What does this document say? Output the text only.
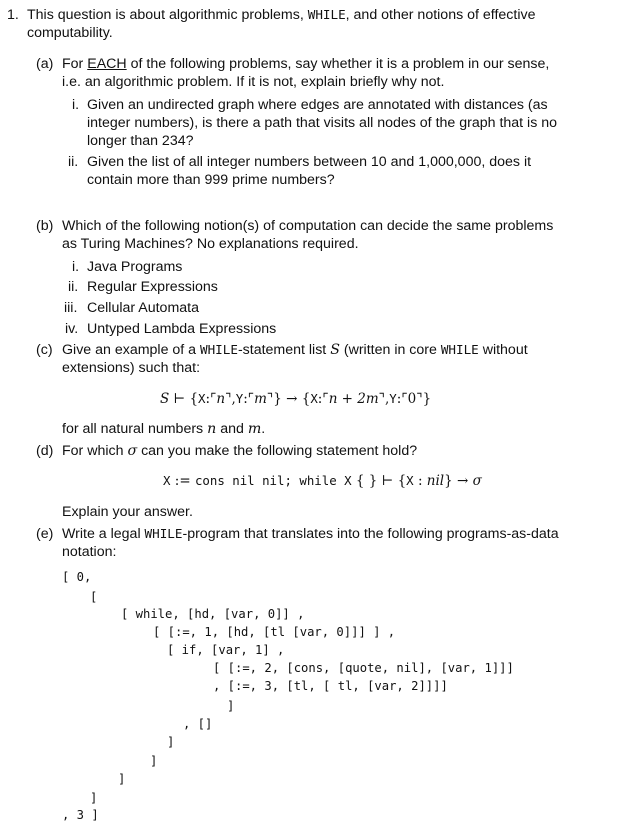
1. This question is about algorithmic problems, WHILE, and other notions of effective
computability.
(a) For EACH of the following problems, say whether it is a problem in our sense,
i.e. an algorithmic problem. If it is not, explain briefly why not.
i. Given an undirected graph where edges are annotated with distances (as
integer numbers), is there a path that visits all nodes of the graph that is no
longer than 234?
ii. Given the list of all integer numbers between 10 and 1,000,000, does it
contain more than 999 prime numbers?
(b) Which of the following notion(s) of computation can decide the same problems
as Turing Machines? No explanations required.
i. Java Programs
ii. Regular Expressions
iii. Cellular Automata
iv. Untyped Lambda Expressions
(c) Give an example of a WHILE-statement list S (written in core WHILE without
extensions) such that:
S ⊢ {X:⌜n⌝,Y:⌜m⌝} → {X:⌜n + 2m⌝,Y:⌜0⌝}
for all natural numbers n and m.
(d) For which σ can you make the following statement hold?
X := cons nil nil; while X { } ⊢ {X : nil} → σ
Explain your answer.
(e) Write a legal WHILE-program that translates into the following programs-as-data
notation:
[ 0,
[
[ while, [hd, [var, 0]] ,
[ [:=, 1, [hd, [tl [var, 0]]] ] ,
[ if, [var, 1] ,
[ [:=, 2, [cons, [quote, nil], [var, 1]]]
, [:=, 3, [tl, [ tl, [var, 2]]]]
]
, []
]
]
]
]
, 3 ]
